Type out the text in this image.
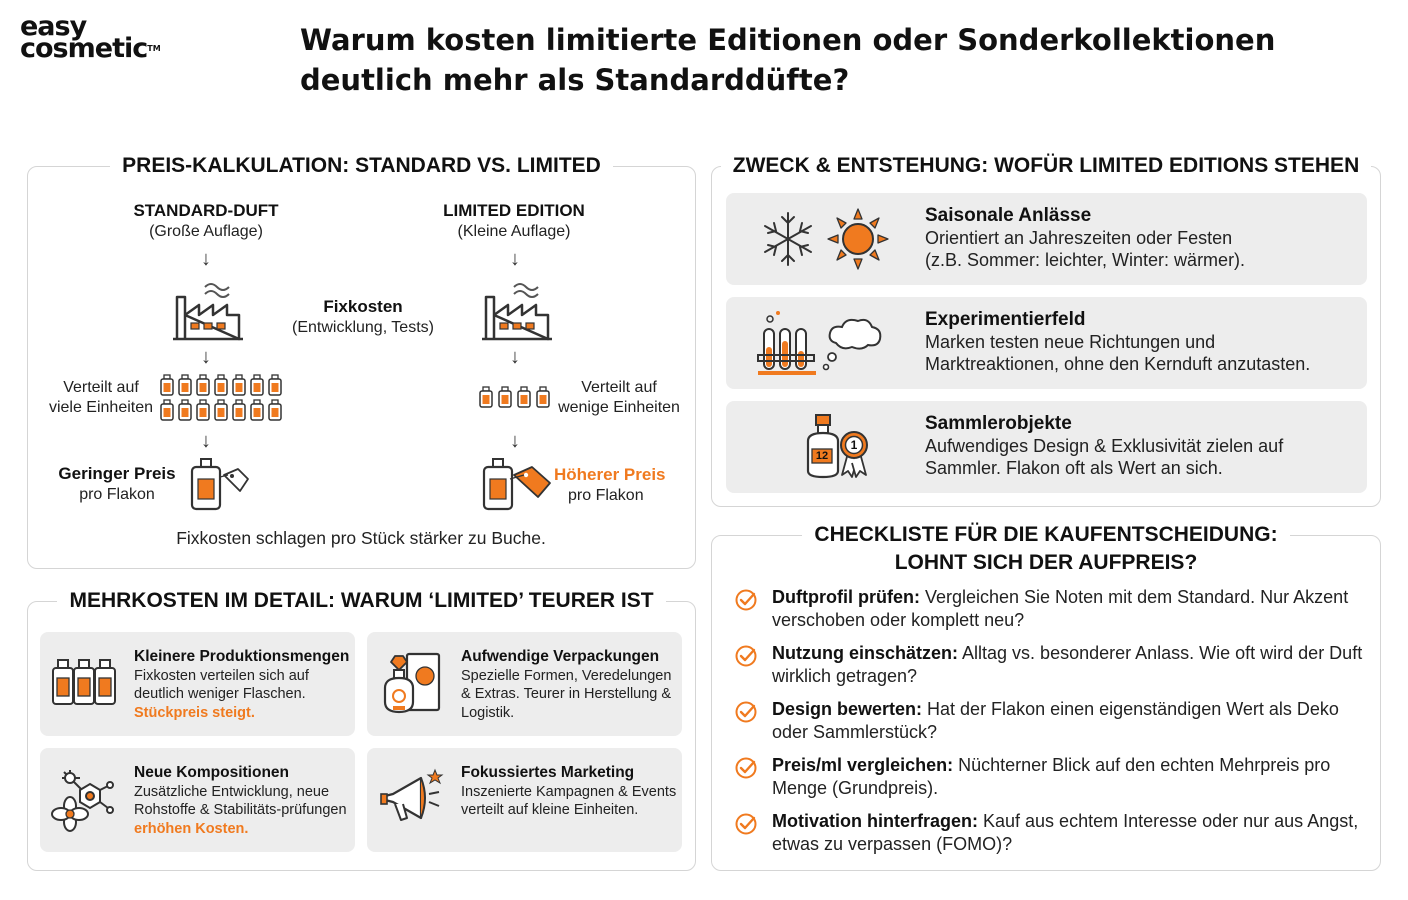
easy
cosmetic™	Warum kosten limitierte Editionen oder Sonderkollektionen
deutlich mehr als Standarddüfte?
PREIS-KALKULATION: STANDARD VS. LIMITED
STANDARD-DUFT
(Große Auflage)
↓
↓
Verteilt auf
viele Einheiten
↓
Geringer Preis
pro Flakon
Fixkosten
(Entwicklung, Tests)
LIMITED EDITION
(Kleine Auflage)
↓
↓
Verteilt auf
wenige Einheiten
↓
Höherer Preis
pro Flakon
Fixkosten schlagen pro Stück stärker zu Buche.
MEHRKOSTEN IM DETAIL: WARUM ‘LIMITED’ TEURER IST
Kleinere Produktionsmengen
Fixkosten verteilen sich auf deutlich weniger Flaschen.
Stückpreis steigt.
Aufwendige Verpackungen
Spezielle Formen, Veredelungen & Extras. Teurer in Herstellung & Logistik.
Neue Kompositionen
Zusätzliche Entwicklung, neue Rohstoffe & Stabilitäts-prüfungen erhöhen Kosten.
Fokussiertes Marketing
Inszenierte Kampagnen & Events verteilt auf kleine Einheiten.
ZWECK & ENTSTEHUNG: WOFÜR LIMITED EDITIONS STEHEN
Saisonale Anlässe
Orientiert an Jahreszeiten oder Festen
(z.B. Sommer: leichter, Winter: wärmer).
Experimentierfeld
Marken testen neue Richtungen und
Marktreaktionen, ohne den Kernduft anzutasten.
12
1
Sammlerobjekte
Aufwendiges Design & Exklusivität zielen auf
Sammler. Flakon oft als Wert an sich.
CHECKLISTE FÜR DIE KAUFENTSCHEIDUNG:
LOHNT SICH DER AUFPREIS?
Duftprofil prüfen: Vergleichen Sie Noten mit dem Standard. Nur Akzent verschoben oder komplett neu?
Nutzung einschätzen: Alltag vs. besonderer Anlass. Wie oft wird der Duft wirklich getragen?
Design bewerten: Hat der Flakon einen eigenständigen Wert als Deko oder Sammlerstück?
Preis/ml vergleichen: Nüchterner Blick auf den echten Mehrpreis pro Menge (Grundpreis).
Motivation hinterfragen: Kauf aus echtem Interesse oder nur aus Angst, etwas zu verpassen (FOMO)?
